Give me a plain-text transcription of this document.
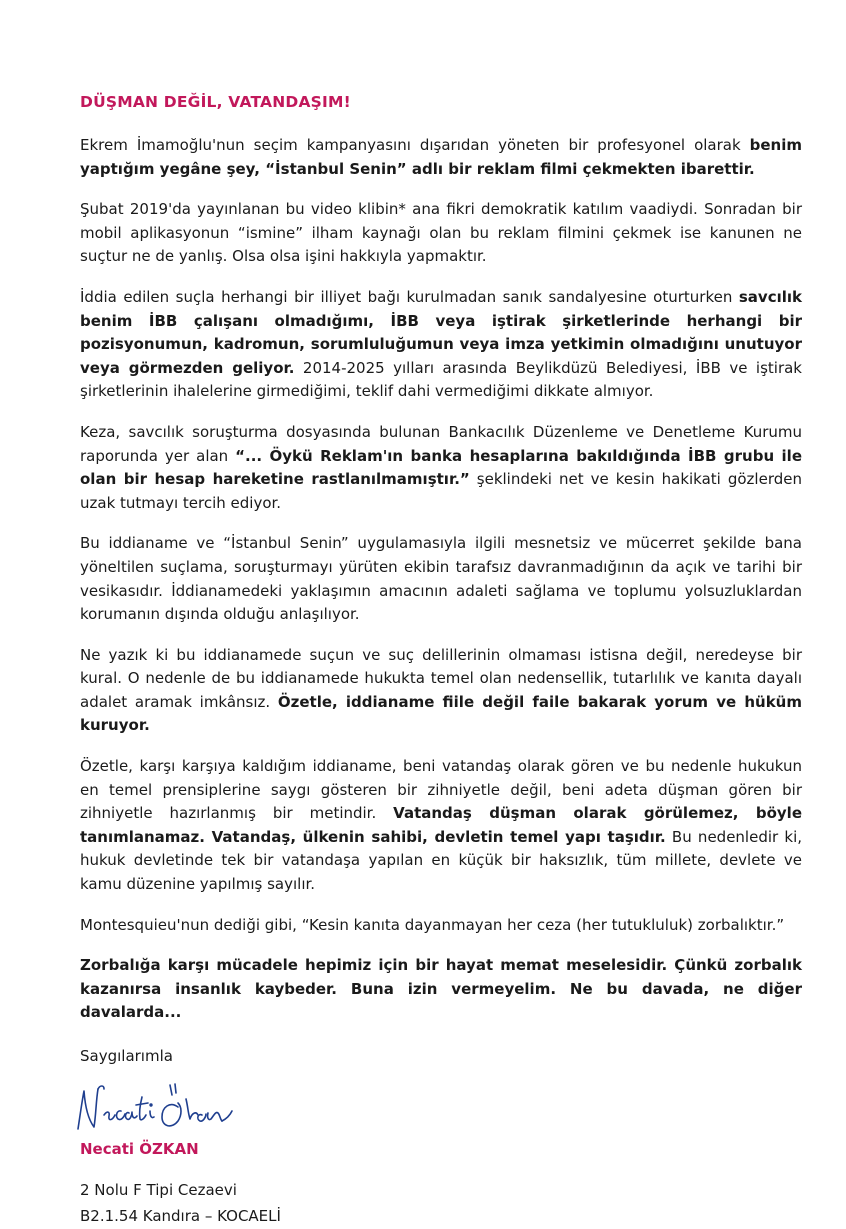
DÜŞMAN DEĞİL, VATANDAŞIM!

Ekrem İmamoğlu'nun seçim kampanyasını dışarıdan yöneten bir profesyonel olarak benim yaptığım yegâne şey, “İstanbul Senin” adlı bir reklam filmi çekmekten ibarettir.

Şubat 2019'da yayınlanan bu video klibin* ana fikri demokratik katılım vaadiydi. Sonradan bir mobil aplikasyonun “ismine” ilham kaynağı olan bu reklam filmini çekmek ise kanunen ne suçtur ne de yanlış. Olsa olsa işini hakkıyla yapmaktır.

İddia edilen suçla herhangi bir illiyet bağı kurulmadan sanık sandalyesine oturturken savcılık benim İBB çalışanı olmadığımı, İBB veya iştirak şirketlerinde herhangi bir pozisyonumun, kadromun, sorumluluğumun veya imza yetkimin olmadığını unutuyor veya görmezden geliyor. 2014-2025 yılları arasında Beylikdüzü Belediyesi, İBB ve iştirak şirketlerinin ihalelerine girmediğimi, teklif dahi vermediğimi dikkate almıyor.

Keza, savcılık soruşturma dosyasında bulunan Bankacılık Düzenleme ve Denetleme Kurumu raporunda yer alan “... Öykü Reklam'ın banka hesaplarına bakıldığında İBB grubu ile olan bir hesap hareketine rastlanılmamıştır.” şeklindeki net ve kesin hakikati gözlerden uzak tutmayı tercih ediyor.

Bu iddianame ve “İstanbul Senin” uygulamasıyla ilgili mesnetsiz ve mücerret şekilde bana yöneltilen suçlama, soruşturmayı yürüten ekibin tarafsız davranmadığının da açık ve tarihi bir vesikasıdır. İddianamedeki yaklaşımın amacının adaleti sağlama ve toplumu yolsuzluklardan korumanın dışında olduğu anlaşılıyor.

Ne yazık ki bu iddianamede suçun ve suç delillerinin olmaması istisna değil, neredeyse bir kural. O nedenle de bu iddianamede hukukta temel olan nedensellik, tutarlılık ve kanıta dayalı adalet aramak imkânsız. Özetle, iddianame fiile değil faile bakarak yorum ve hüküm kuruyor.

Özetle, karşı karşıya kaldığım iddianame, beni vatandaş olarak gören ve bu nedenle hukukun en temel prensiplerine saygı gösteren bir zihniyetle değil, beni adeta düşman gören bir zihniyetle hazırlanmış bir metindir. Vatandaş düşman olarak görülemez, böyle tanımlanamaz. Vatandaş, ülkenin sahibi, devletin temel yapı taşıdır. Bu nedenledir ki, hukuk devletinde tek bir vatandaşa yapılan en küçük bir haksızlık, tüm millete, devlete ve kamu düzenine yapılmış sayılır.

Montesquieu'nun dediği gibi, “Kesin kanıta dayanmayan her ceza (her tutukluluk) zorbalıktır.”

Zorbalığa karşı mücadele hepimiz için bir hayat memat meselesidir. Çünkü zorbalık kazanırsa insanlık kaybeder. Buna izin vermeyelim. Ne bu davada, ne diğer davalarda...

Saygılarımla

Necati ÖZKAN
2 Nolu F Tipi Cezaevi
B2.1.54 Kandıra – KOCAELİ
